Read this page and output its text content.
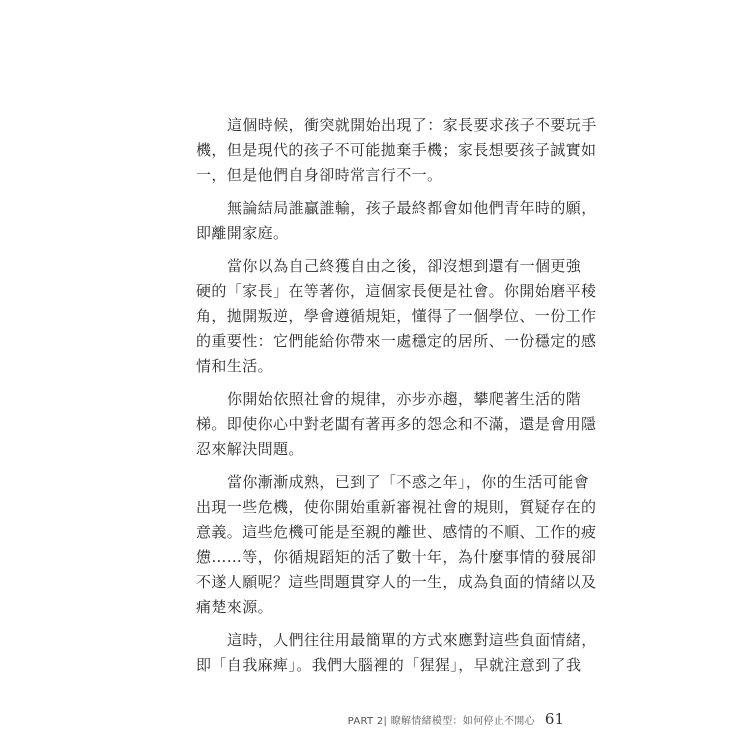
這個時候，衝突就開始出現了：家長要求孩子不要玩手
機，但是現代的孩子不可能拋棄手機；家長想要孩子誠實如
一，但是他們自身卻時常言行不一。

無論結局誰贏誰輸，孩子最終都會如他們青年時的願，
即離開家庭。

當你以為自己終獲自由之後，卻沒想到還有一個更強
硬的「家長」在等著你，這個家長便是社會。你開始磨平稜
角，拋開叛逆，學會遵循規矩，懂得了一個學位、一份工作
的重要性：它們能給你帶來一處穩定的居所、一份穩定的感
情和生活。

你開始依照社會的規律，亦步亦趨，攀爬著生活的階
梯。即使你心中對老闆有著再多的怨念和不滿，還是會用隱
忍來解決問題。

當你漸漸成熟，已到了「不惑之年」，你的生活可能會
出現一些危機，使你開始重新審視社會的規則，質疑存在的
意義。這些危機可能是至親的離世、感情的不順、工作的疲
憊……等，你循規蹈矩的活了數十年，為什麼事情的發展卻
不遂人願呢？這些問題貫穿人的一生，成為負面的情緒以及
痛楚來源。

這時，人們往往用最簡單的方式來應對這些負面情緒，
即「自我麻痺」。我們大腦裡的「猩猩」，早就注意到了我

PART 2| 瞭解情緒模型：如何停止不開心 61
